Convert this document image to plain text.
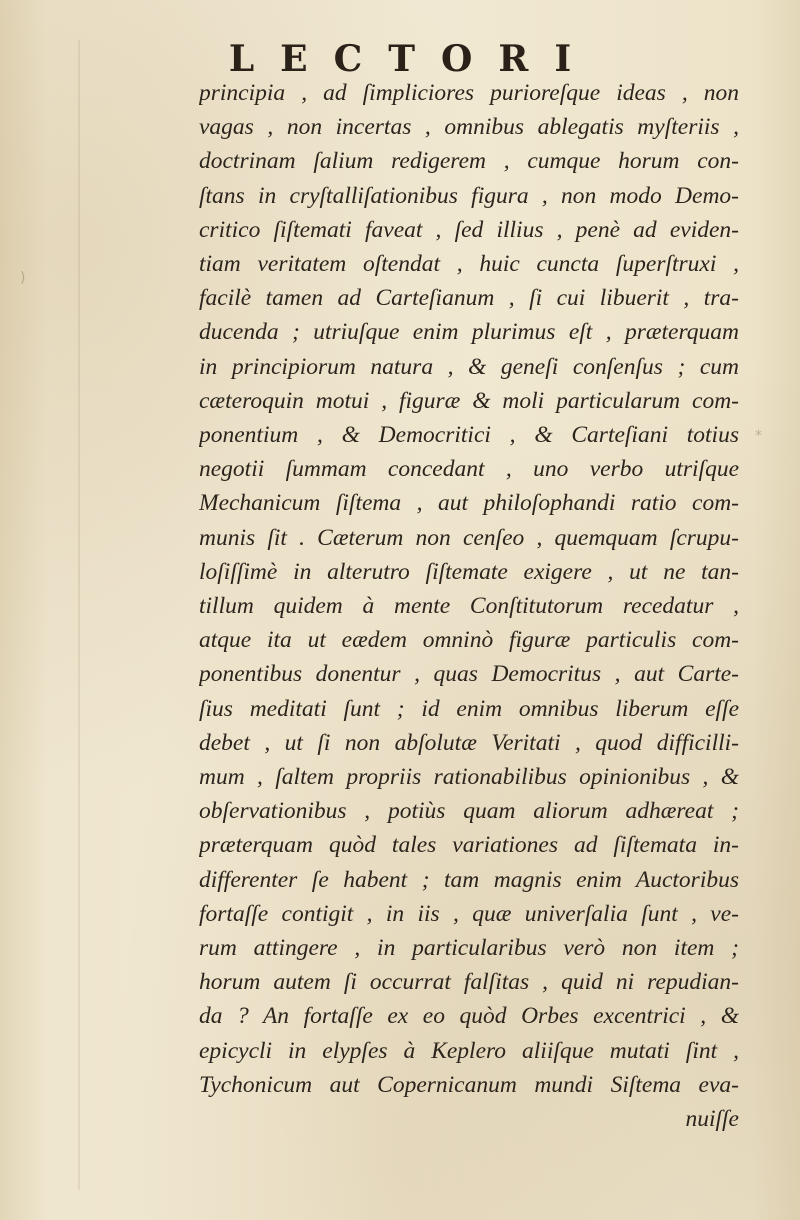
)
*
LECTORI
principia , ad ſimpliciores purioreſque ideas , non
vagas , non incertas , omnibus ablegatis myſteriis ,
doctrinam ſalium redigerem , cumque horum con-
ſtans in cryſtalliſationibus figura , non modo Demo-
critico ſiſtemati faveat , ſed illius , penè ad eviden-
tiam veritatem oſtendat , huic cuncta ſuperſtruxi ,
facilè tamen ad Carteſianum , ſi cui libuerit , tra-
ducenda ; utriuſque enim plurimus eſt , præterquam
in principiorum natura , & geneſi conſenſus ; cum
cæteroquin motui , figuræ & moli particularum com-
ponentium , & Democritici , & Carteſiani totius
negotii ſummam concedant , uno verbo utriſque
Mechanicum ſiſtema , aut philoſophandi ratio com-
munis ſit . Cæterum non cenſeo , quemquam ſcrupu-
loſiſſimè in alterutro ſiſtemate exigere , ut ne tan-
tillum quidem à mente Conſtitutorum recedatur ,
atque ita ut eædem omninò figuræ particulis com-
ponentibus donentur , quas Democritus , aut Carte-
ſius meditati ſunt ; id enim omnibus liberum eſſe
debet , ut ſi non abſolutæ Veritati , quod difficilli-
mum , ſaltem propriis rationabilibus opinionibus , &
obſervationibus , potiùs quam aliorum adhæreat ;
præterquam quòd tales variationes ad ſiſtemata in-
differenter ſe habent ; tam magnis enim Auctoribus
fortaſſe contigit , in iis , quæ univerſalia ſunt , ve-
rum attingere , in particularibus verò non item ;
horum autem ſi occurrat falſitas , quid ni repudian-
da ? An fortaſſe ex eo quòd Orbes excentrici , &
epicycli in elypſes à Keplero aliiſque mutati ſint ,
Tychonicum aut Copernicanum mundi Siſtema eva-
nuiſſe
